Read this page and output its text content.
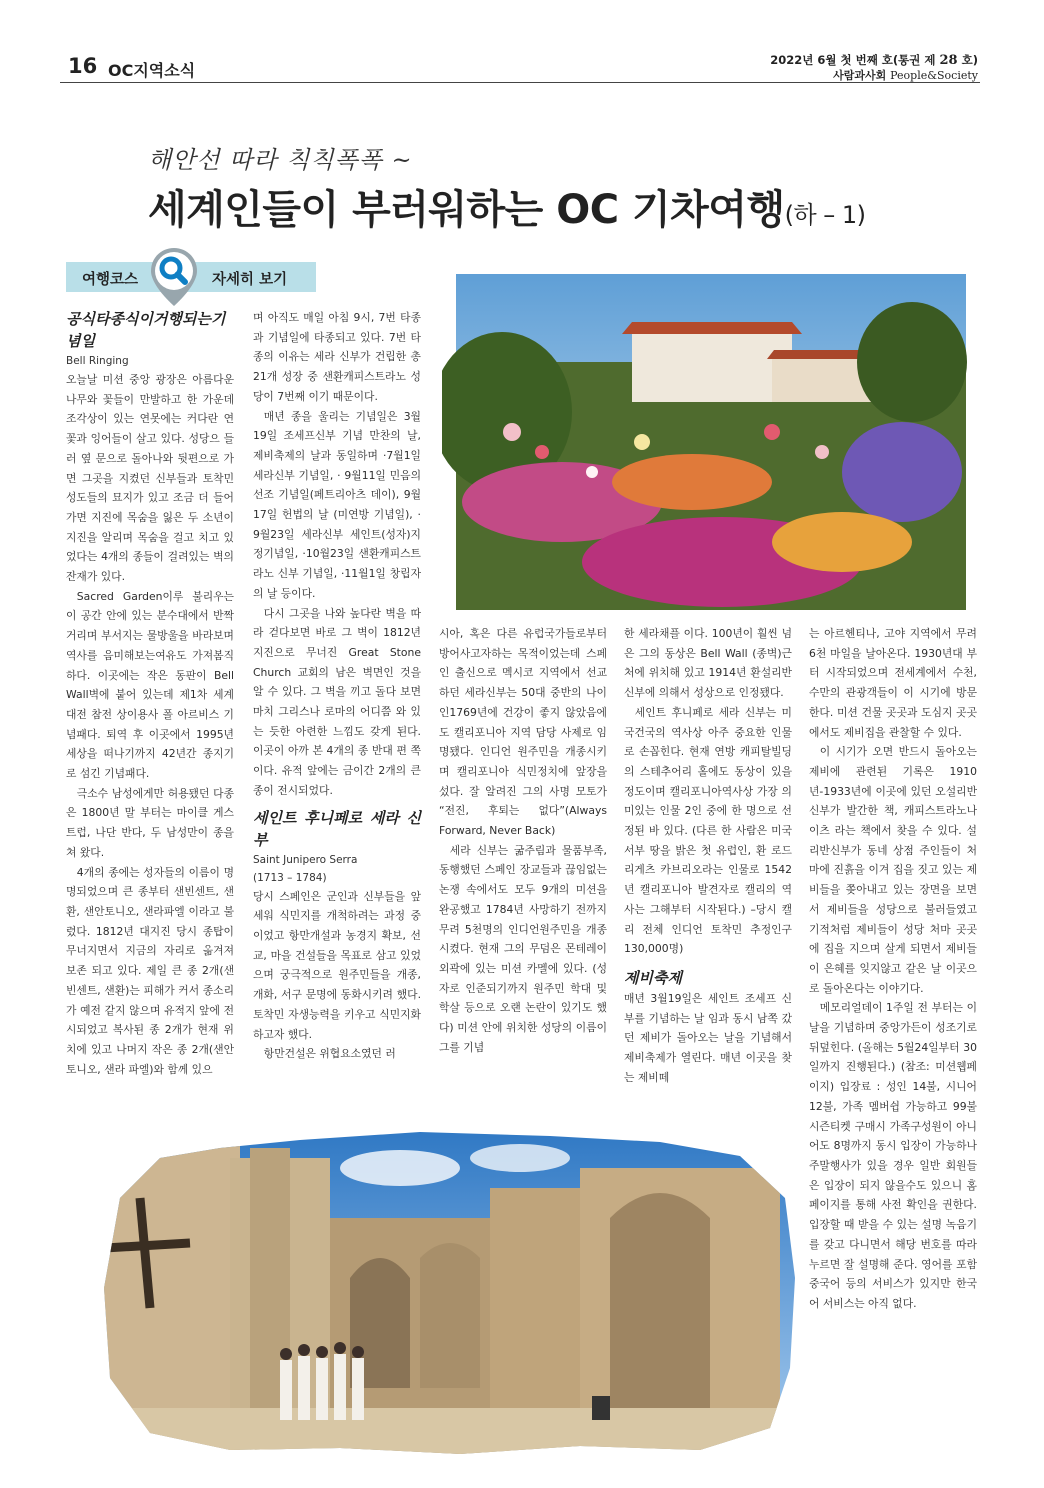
16 OC지역소식
2022년 6월 첫 번째 호(통권 제 28 호)
사람과사회 People&Society
해안선 따라 칙칙폭폭 ~
세계인들이 부러워하는 OC 기차여행(하 – 1)
여행코스	자세히 보기
공식타종식이거행되는기념일

Bell Ringing

오늘날 미션 중앙 광장은 아름다운 나무와 꽃들이 만발하고 한 가운데 조각상이 있는 연못에는 커다란 연꽃과 잉어들이 살고 있다. 성당으 들러 옆 문으로 돌아나와 뒷편으로 가면 그곳을 지켰던 신부들과 토착민성도들의 묘지가 있고 조금 더 들어가면 지진에 목숨을 잃은 두 소년이 지진을 알리며 목숨을 걸고 치고 있었다는 4개의 종들이 걸려있는 벽의 잔재가 있다.

Sacred Garden이루 불리우는 이 공간 안에 있는 분수대에서 반짝거리며 부서지는 물방울을 바라보며 역사를 음미해보는여유도 가져봄직하다. 이곳에는 작은 동판이 Bell Wall벽에 붙어 있는데 제1차 세계대전 참전 상이용사 폴 아르비스 기념패다. 퇴역 후 이곳에서 1995년 세상을 떠나기까지 42년간 종지기로 섬긴 기념패다.

극소수 남성에게만 허용됐던 다종은 1800년 말 부터는 마이클 게스트럽, 나단 반다, 두 남성만이 종을 쳐 왔다.

4개의 종에는 성자들의 이름이 명명되었으며 큰 종부터 샌빈센트, 샌환, 샌안토니오, 샌라파엘 이라고 불렸다. 1812년 대지진 당시 종탑이 무너지면서 지금의 자리로 옮겨져 보존 되고 있다. 제일 큰 종 2개(샌빈센트, 샌환)는 피해가 커서 종소리가 예전 같지 않으며 유적지 앞에 전시되었고 복사된 종 2개가 현재 위치에 있고 나머지 작은 종 2개(샌안토니오, 샌라 파엘)와 함께 있으

며 아직도 매일 아침 9시, 7번 타종과 기념일에 타종되고 있다. 7번 타종의 이유는 세라 신부가 건립한 총 21개 성장 중 샌환캐피스트라노 성당이 7번째 이기 때문이다.

매년 종을 울리는 기념일은 3월 19일 조세프신부 기념 만찬의 날, 제비축제의 날과 동일하며 ·7월1일 세라신부 기념일, · 9월11일 민음의 선조 기념일(페트리아츠 데이), 9월17일 헌법의 날 (미연방 기념일), · 9월23일 세라신부 세인트(성자)지정기념일, ·10월23일 샌환캐피스트라노 신부 기념일, ·11월1일 창립자의 날 등이다.

다시 그곳을 나와 높다란 벽을 따라 걷다보면 바로 그 벽이 1812년 지진으로 무너진 Great Stone Church 교회의 남은 벽면인 것을 알 수 있다. 그 벽을 끼고 돌다 보면 마치 그리스나 로마의 어디쯤 와 있는 듯한 아련한 느낌도 갖게 된다. 이곳이 아까 본 4개의 종 반대 편 쪽이다. 유적 앞에는 금이간 2개의 큰종이 전시되었다.

세인트 후니페로 세라 신부

Saint Junipero Serra

(1713 – 1784)

당시 스페인은 군인과 신부들을 앞세워 식민지를 개척하려는 과정 중이었고 항만개설과 농경지 확보, 선교, 마을 건설들을 목표로 삼고 있었으며 궁극적으로 원주민들을 개종, 개화, 서구 문명에 동화시키려 했다. 토착민 자생능력을 키우고 식민지화 하고자 했다.

항만건설은 위협요소였던 러

시아, 혹은 다른 유럽국가들로부터 방어사고자하는 목적이었는데 스페인 출신으로 멕시코 지역에서 선교하던 세라신부는 50대 중반의 나이인1769년에 건강이 좋지 않았음에도 캘리포니아 지역 담당 사제로 임명됐다. 인디언 원주민을 개종시키며 캘리포니아 식민정치에 앞장을 섰다. 잘 알려진 그의 사명 모토가 “전진, 후퇴는 없다”(Always Forward, Never Back)

세라 신부는 굶주림과 물품부족, 동행했던 스페인 장교들과 끊임없는 논쟁 속에서도 모두 9개의 미션을 완공했고 1784년 사망하기 전까지 무려 5천명의 인디언원주민을 개종시켰다. 현재 그의 무덤은 몬테레이 외곽에 있는 미션 카멜에 있다. (성자로 인준되기까지 원주민 학대 및 학살 등으로 오랜 논란이 있기도 했다) 미션 안에 위치한 성당의 이름이 그를 기념

한 세라채플 이다. 100년이 훨씬 넘은 그의 동상은 Bell Wall (종벽)근처에 위치해 있고 1914년 환설리반 신부에 의해서 성상으로 인정됐다.

세인트 후니페로 세라 신부는 미국건국의 역사상 아주 중요한 인물로 손꼽힌다. 현재 연방 캐피탈빌딩의 스테추어리 홀에도 동상이 있을정도이며 캘리포니아역사상 가장 의미있는 인물 2인 중에 한 명으로 선정된 바 있다. (다른 한 사람은 미국 서부 땅을 밝은 첫 유럽인, 환 로드리게츠 카브리오라는 인물로 1542년 캘리포니아 발견자로 캘리의 역사는 그해부터 시작된다.) –당시 캘리 전체 인디언 토착민 추정인구 130,000명)

제비축제

매년 3월19일은 세인트 조세프 신부를 기념하는 날 임과 동시 남쪽 갔던 제비가 돌아오는 날을 기념해서 제비축제가 열린다. 매년 이곳을 찾는 제비떼

는 아르헨티나, 고야 지역에서 무려 6천 마일을 날아온다. 1930년대 부터 시작되었으며 전세계에서 수천, 수만의 관광객들이 이 시기에 방문한다. 미션 건물 곳곳과 도심지 곳곳에서도 제비집을 관찰할 수 있다.

이 시기가 오면 반드시 돌아오는 제비에 관련된 기록은 1910년-1933년에 이곳에 있던 오설리반 신부가 발간한 책, 캐피스트라노나이츠 라는 책에서 찾을 수 있다. 설리반신부가 동네 상점 주인들이 처마에 진흙을 이겨 집을 짓고 있는 제비들을 쫒아내고 있는 장면을 보면서 제비들을 성당으로 불러들였고 기적처럼 제비들이 성당 처마 곳곳에 집을 지으며 살게 되면서 제비들이 은혜를 잊지않고 같은 날 이곳으로 돌아온다는 이야기다.

메모리얼데이 1주일 전 부터는 이 날을 기념하며 중앙가든이 성조기로 뒤덮힌다. (올해는 5월24일부터 30일까지 진행된다.) (참조: 미션웹페이지) 입장료 : 성인 14불, 시니어 12불, 가족 멤버쉽 가능하고 99불 시즌티켓 구매시 가족구성원이 아니어도 8명까지 동시 입장이 가능하나 주말행사가 있을 경우 일반 회원들은 입장이 되지 않을수도 있으니 홈페이지를 통해 사전 확인을 권한다. 입장할 때 받을 수 있는 설명 녹음기를 갖고 다니면서 해당 번호를 따라 누르면 잘 설명해 준다. 영어를 포함 중국어 등의 서비스가 있지만 한국어 서비스는 아직 없다.
